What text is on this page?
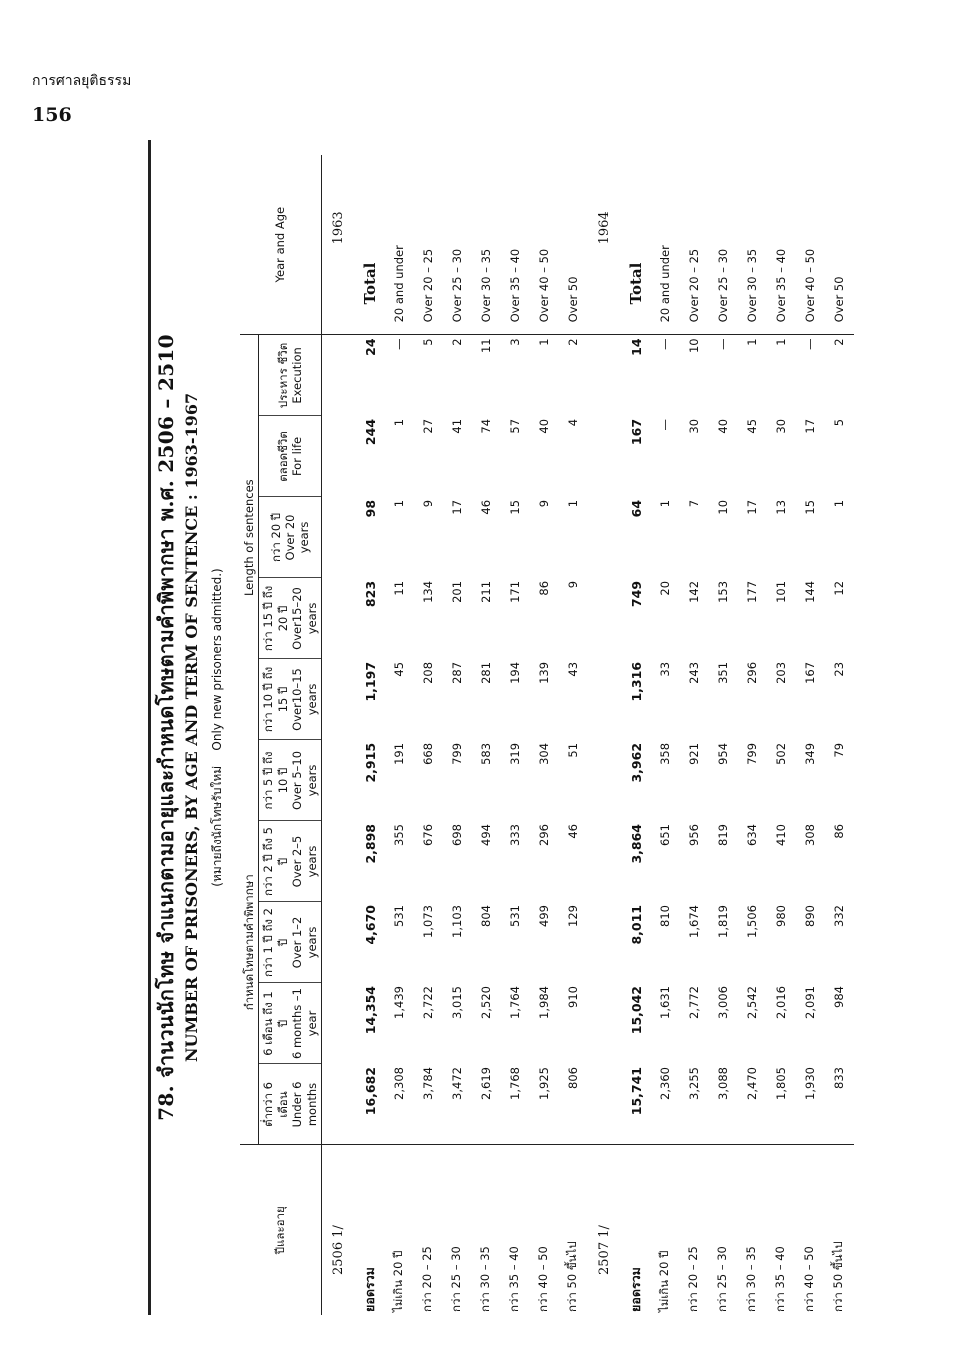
การศาลยุติธรรม
156
78. จำนวนนักโทษ จำแนกตามอายุและกำหนดโทษตามคำพิพากษา พ.ศ. 2506 – 2510 NUMBER OF PRISONERS, BY AGE AND TERM OF SENTENCE : 1963-1967 (หมายถึงนักโทษรับใหม่    Only new prisoners admitted.)
ปีและอายุ	กำหนดโทษตามคำพิพากษา					Length of sentences					Year and Age

	ต่ำกว่า 6 เดือน Under 6 months	6 เดือน ถึง 1 ปี 6 months –1 year	กว่า 1 ปี ถึง 2 ปี Over 1–2 years	กว่า 2 ปี ถึง 5 ปี Over 2–5 years	กว่า 5 ปี ถึง 10 ปี Over 5–10 years	กว่า 10 ปี ถึง 15 ปี Over10–15 years	กว่า 15 ปี ถึง 20 ปี Over15–20 years	กว่า 20 ปี Over 20 years	ตลอดชีวิต For life	ประหาร ชีวิต Execution	

2506 1/											1963
ยอดรวม	16,682	14,354	4,670	2,898	2,915	1,197	823	98	244	24	Total
ไม่เกิน 20 ปี	2,308	1,439	531	355	191	45	11	1	1	—	20 and under
กว่า 20 – 25	3,784	2,722	1,073	676	668	208	134	9	27	5	Over 20 – 25
กว่า 25 – 30	3,472	3,015	1,103	698	799	287	201	17	41	2	Over 25 – 30
กว่า 30 – 35	2,619	2,520	804	494	583	281	211	46	74	11	Over 30 – 35
กว่า 35 – 40	1,768	1,764	531	333	319	194	171	15	57	3	Over 35 – 40
กว่า 40 – 50	1,925	1,984	499	296	304	139	86	9	40	1	Over 40 – 50
กว่า 50 ขึ้นไป	806	910	129	46	51	43	9	1	4	2	Over 50
2507 1/											1964
ยอดรวม	15,741	15,042	8,011	3,864	3,962	1,316	749	64	167	14	Total
ไม่เกิน 20 ปี	2,360	1,631	810	651	358	33	20	1	—	—	20 and under
กว่า 20 – 25	3,255	2,772	1,674	956	921	243	142	7	30	10	Over 20 – 25
กว่า 25 – 30	3,088	3,006	1,819	819	954	351	153	10	40	—	Over 25 – 30
กว่า 30 – 35	2,470	2,542	1,506	634	799	296	177	17	45	1	Over 30 – 35
กว่า 35 – 40	1,805	2,016	980	410	502	203	101	13	30	1	Over 35 – 40
กว่า 40 – 50	1,930	2,091	890	308	349	167	144	15	17	—	Over 40 – 50
กว่า 50 ขึ้นไป	833	984	332	86	79	23	12	1	5	2	Over 50
